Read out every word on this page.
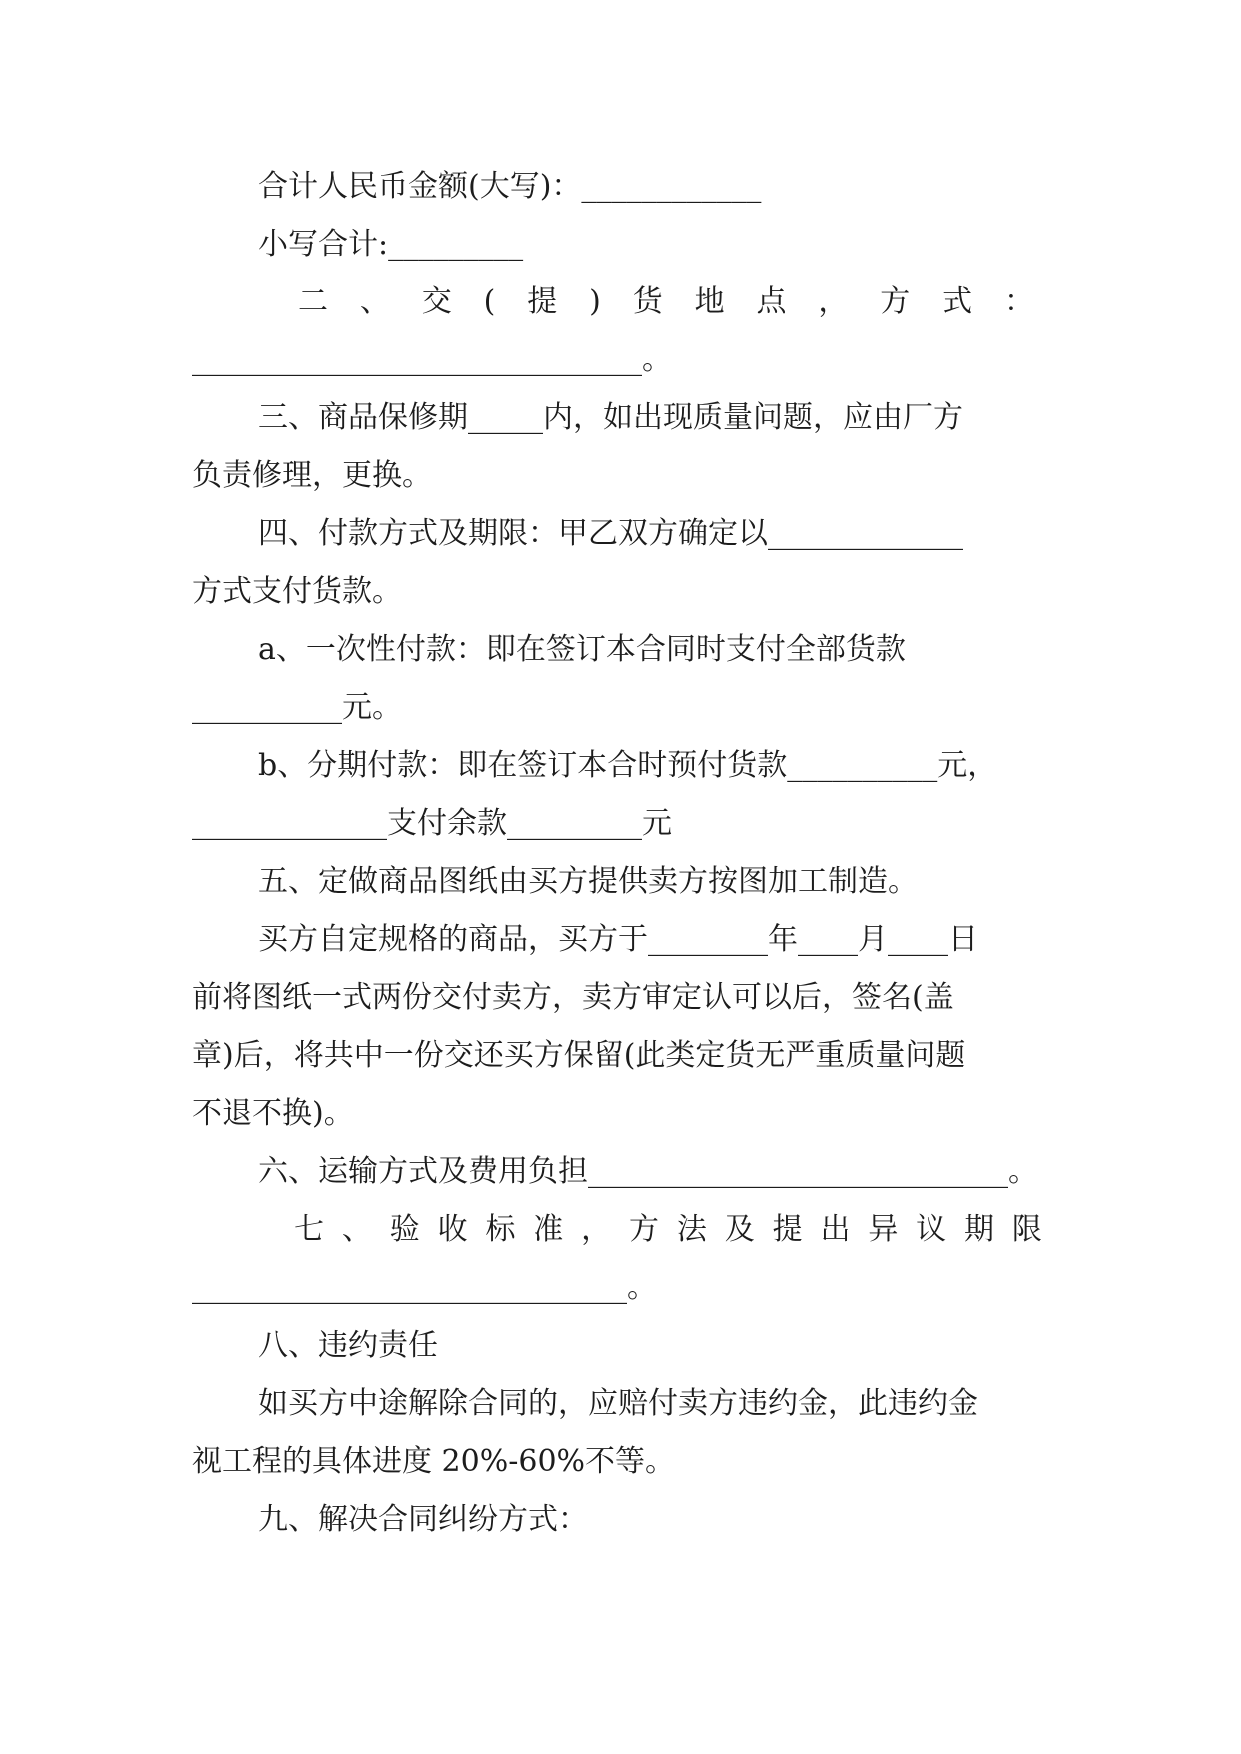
合计人民币金额(大写)：____________
小写合计:_________
二 、 交 ( 提 ) 货 地 点 ， 方 式 ：
______________________________。
三、商品保修期_____内，如出现质量问题，应由厂方
负责修理，更换。
四、付款方式及期限：甲乙双方确定以_____________
方式支付货款。
a、一次性付款：即在签订本合同时支付全部货款
__________元。
b、分期付款：即在签订本合时预付货款__________元，
_____________支付余款_________元
五、定做商品图纸由买方提供卖方按图加工制造。
买方自定规格的商品，买方于________年____月____日
前将图纸一式两份交付卖方，卖方审定认可以后，签名(盖
章)后，将共中一份交还买方保留(此类定货无严重质量问题
不退不换)。
六、运输方式及费用负担____________________________。
七 、 验 收 标 准 ， 方 法 及 提 出 异 议 期 限
_____________________________。
八、违约责任
如买方中途解除合同的，应赔付卖方违约金，此违约金
视工程的具体进度 20%-60%不等。
九、解决合同纠纷方式：
